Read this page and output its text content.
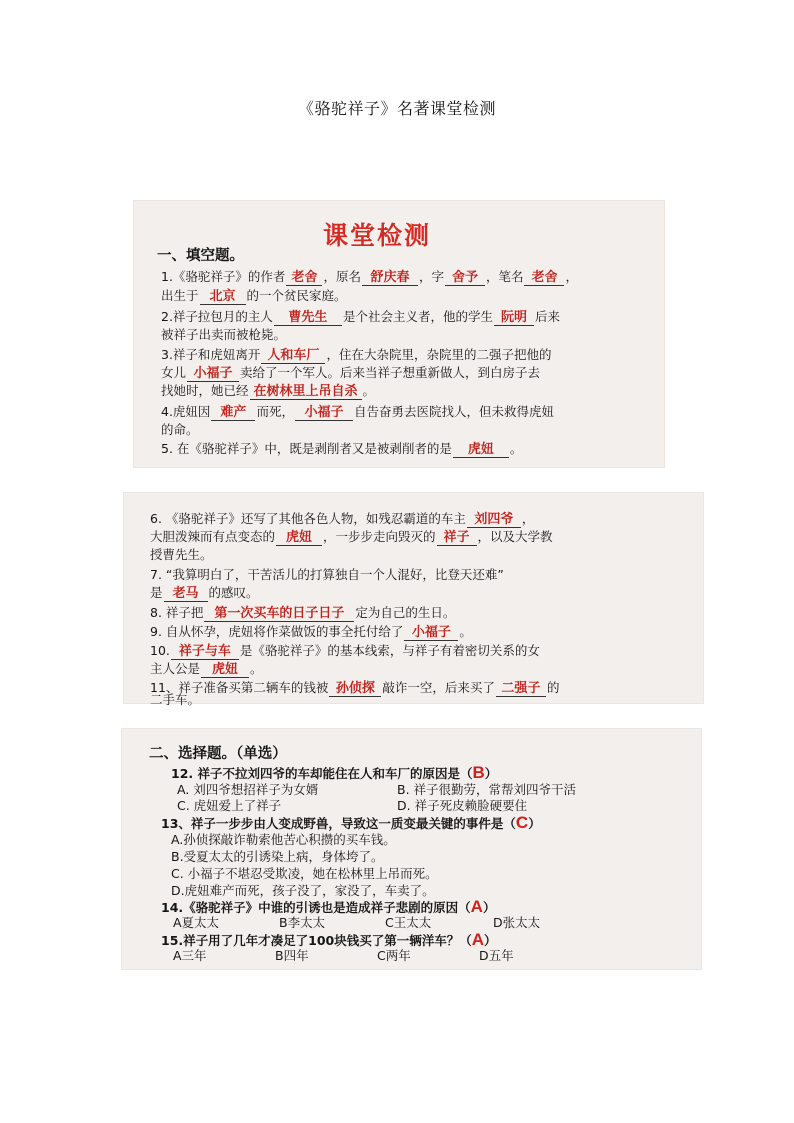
《骆驼祥子》名著课堂检测
课堂检测
一、填空题。
1.《骆驼祥子》的作者 老舍 ，原名 舒庆春 ，字 舍予 ，笔名 老舍 ，
出生于 北京 的一个贫民家庭。
2.祥子拉包月的主人 曹先生 是个社会主义者，他的学生 阮明 后来
被祥子出卖而被枪毙。
3.祥子和虎妞离开 人和车厂 ，住在大杂院里，杂院里的二强子把他的
女儿 小福子 卖给了一个军人。后来当祥子想重新做人，到白房子去
找她时，她已经 在树林里上吊自杀 。
4.虎妞因 难产 而死， 小福子 自告奋勇去医院找人，但未救得虎妞
的命。
5. 在《骆驼祥子》中，既是剥削者又是被剥削者的是 虎妞 。
6. 《骆驼祥子》还写了其他各色人物，如残忍霸道的车主 刘四爷 ，
大胆泼辣而有点变态的 虎妞 ，一步步走向毁灭的 祥子 ，以及大学教
授曹先生。
7. “我算明白了，干苦活儿的打算独自一个人混好，比登天还难”
是 老马 的感叹。
8. 祥子把 第一次买车的日子日子 定为自己的生日。
9. 自从怀孕，虎妞将作菜做饭的事全托付给了 小福子 。
10. 祥子与车 是《骆驼祥子》的基本线索，与祥子有着密切关系的女
主人公是 虎妞 。
11、祥子准备买第二辆车的钱被 孙侦探 敲诈一空，后来买了 二强子 的
二手车。
二、选择题。（单选）
12. 祥子不拉刘四爷的车却能住在人和车厂的原因是（B）
A. 刘四爷想招祥子为女婿	B. 祥子很勤劳，常帮刘四爷干活
C. 虎妞爱上了祥子	D. 祥子死皮赖脸硬要住
13、祥子一步步由人变成野兽，导致这一质变最关键的事件是（C）
A.孙侦探敲诈勒索他苦心积攒的买车钱。
B.受夏太太的引诱染上病，身体垮了。
C. 小福子不堪忍受欺凌，她在松林里上吊而死。
D.虎妞难产而死，孩子没了，家没了，车卖了。
14.《骆驼祥子》中谁的引诱也是造成祥子悲剧的原因（A）
A夏太太	B李太太	C王太太	D张太太
15.祥子用了几年才凑足了100块钱买了第一辆洋车？（A）
A三年	B四年	C两年	D五年
